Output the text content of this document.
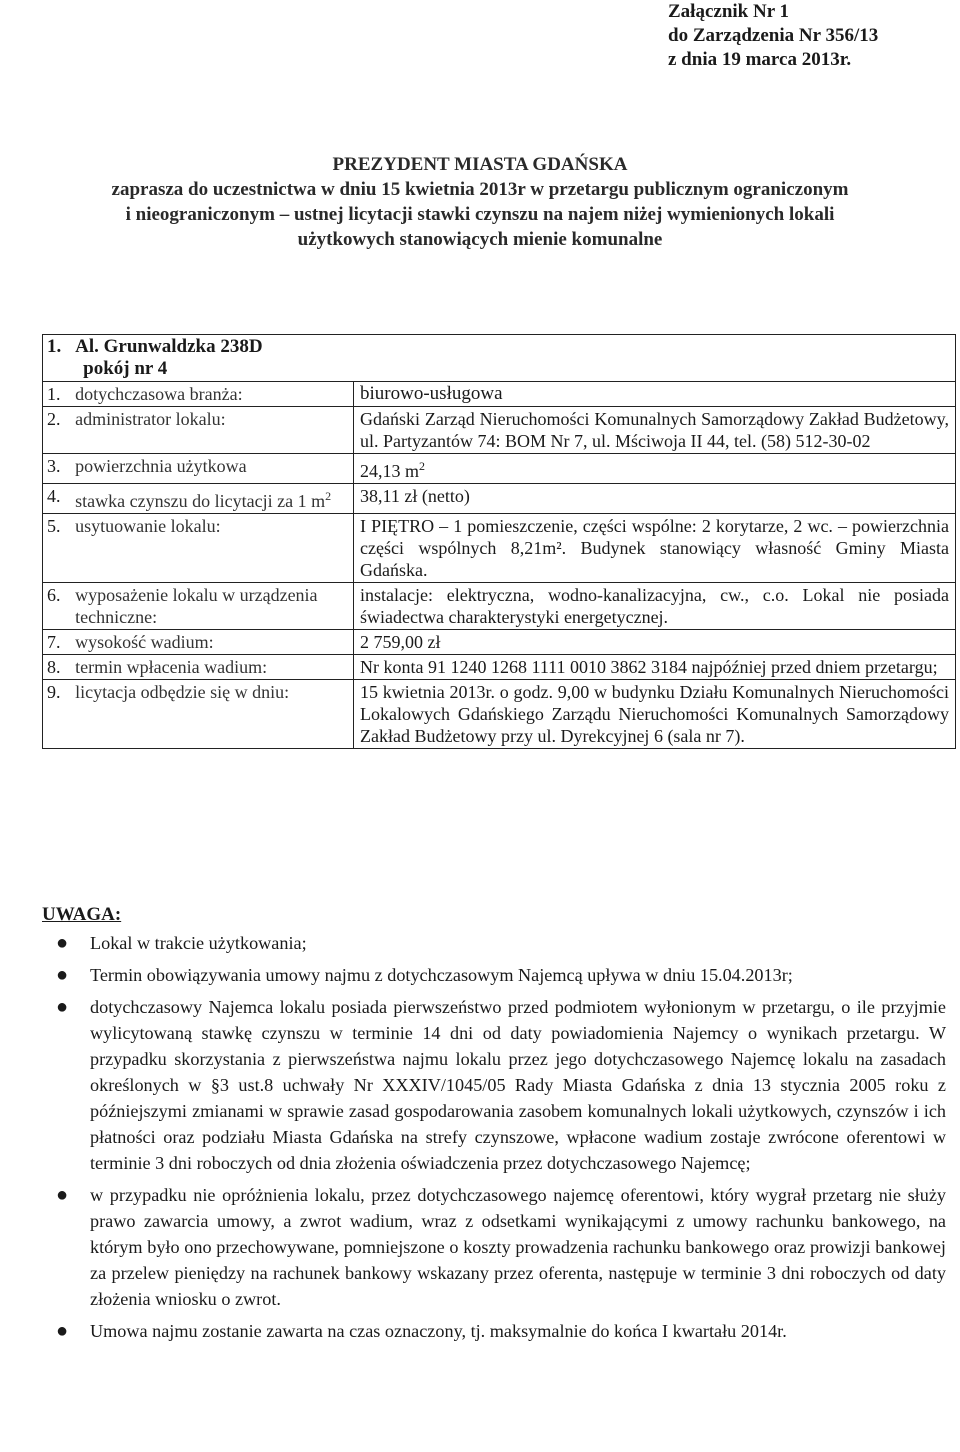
Załącznik Nr 1
do Zarządzenia Nr 356/13
z dnia 19 marca 2013r.
PREZYDENT MIASTA GDAŃSKA
zaprasza do uczestnictwa w dniu 15 kwietnia 2013r w przetargu publicznym ograniczonym
i nieograniczonym – ustnej licytacji stawki czynszu na najem niżej wymienionych lokali
użytkowych stanowiących mienie komunalne
1.	Al. Grunwaldzka 238D
pokój nr 4	

1.	dotychczasowa branża:	biurowo-usługowa
2.	administrator lokalu:	Gdański Zarząd Nieruchomości Komunalnych Samorządowy Zakład Budżetowy, ul. Partyzantów 74: BOM Nr 7, ul. Mściwoja II 44, tel. (58) 512-30-02
3.	powierzchnia użytkowa	24,13 $m^2$
4.	stawka czynszu do licytacji za 1 $m^2$	38,11 zł (netto)
5.	usytuowanie lokalu:	I PIĘTRO – 1 pomieszczenie, części wspólne: 2 korytarze, 2 wc. – powierzchnia części wspólnych 8,21m². Budynek stanowiący własność Gminy Miasta Gdańska.
6.	wyposażenie lokalu w urządzenia techniczne:	instalacje: elektryczna, wodno-kanalizacyjna, cw., c.o. Lokal nie posiada świadectwa charakterystyki energetycznej.
7.	wysokość wadium:	2 759,00 zł
8.	termin wpłacenia wadium:	Nr konta 91 1240 1268 1111 0010 3862 3184 najpóźniej przed dniem przetargu;
9.	licytacja odbędzie się w dniu:	15 kwietnia 2013r. o godz. 9,00 w budynku Działu Komunalnych Nieruchomości Lokalowych Gdańskiego Zarządu Nieruchomości Komunalnych Samorządowy Zakład Budżetowy przy ul. Dyrekcyjnej 6 (sala nr 7).
UWAGA:
● Lokal w trakcie użytkowania;
● Termin obowiązywania umowy najmu z dotychczasowym Najemcą upływa w dniu 15.04.2013r;
● dotychczasowy Najemca lokalu posiada pierwszeństwo przed podmiotem wyłonionym w przetargu, o ile przyjmie wylicytowaną stawkę czynszu w terminie 14 dni od daty powiadomienia Najemcy o wynikach przetargu. W przypadku skorzystania z pierwszeństwa najmu lokalu przez jego dotychczasowego Najemcę lokalu na zasadach określonych w §3 ust.8 uchwały Nr XXXIV/1045/05 Rady Miasta Gdańska z dnia 13 stycznia 2005 roku z późniejszymi zmianami w sprawie zasad gospodarowania zasobem komunalnych lokali użytkowych, czynszów i ich płatności oraz podziału Miasta Gdańska na strefy czynszowe, wpłacone wadium zostaje zwrócone oferentowi w terminie 3 dni roboczych od dnia złożenia oświadczenia przez dotychczasowego Najemcę;
● w przypadku nie opróżnienia lokalu, przez dotychczasowego najemcę oferentowi, który wygrał przetarg nie służy prawo zawarcia umowy, a zwrot wadium, wraz z odsetkami wynikającymi z umowy rachunku bankowego, na którym było ono przechowywane, pomniejszone o koszty prowadzenia rachunku bankowego oraz prowizji bankowej za przelew pieniędzy na rachunek bankowy wskazany przez oferenta, następuje w terminie 3 dni roboczych od daty złożenia wniosku o zwrot.
● Umowa najmu zostanie zawarta na czas oznaczony, tj. maksymalnie do końca I kwartału 2014r.
